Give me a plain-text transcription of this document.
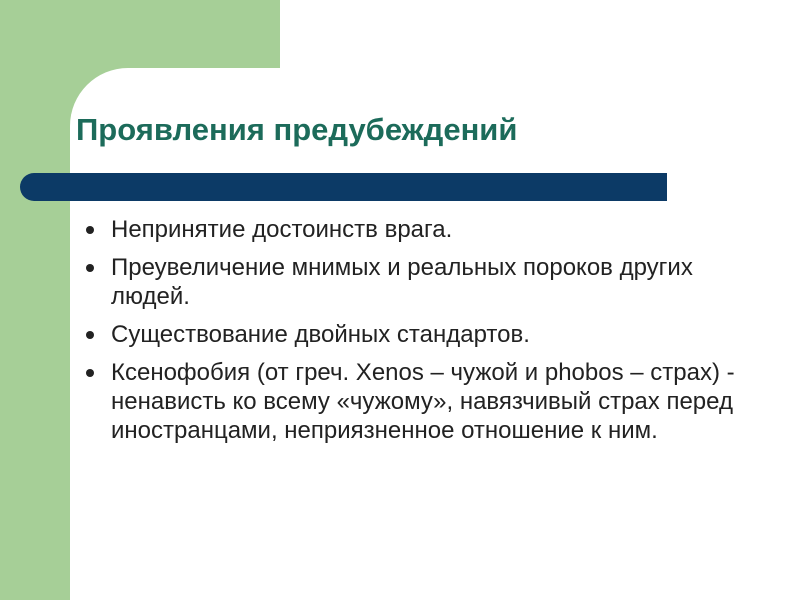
Проявления предубеждений
Непринятие достоинств врага.
Преувеличение мнимых и реальных пороков других людей.
Существование двойных стандартов.
Ксенофобия (от греч. Xenos – чужой и phobos – страх) - ненависть ко всему «чужому», навязчивый страх перед иностранцами, неприязненное отношение к ним.
